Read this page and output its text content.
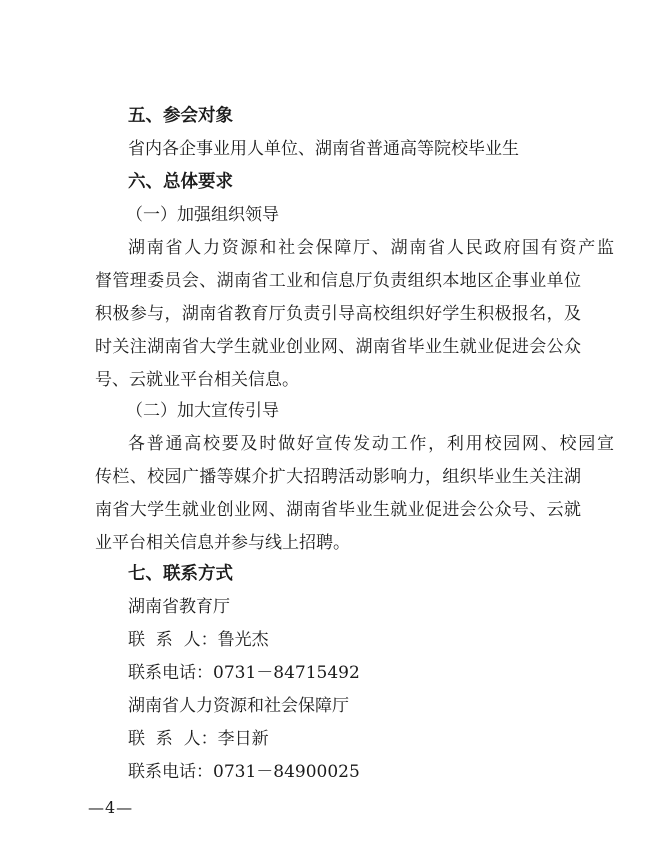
五、参会对象
省内各企事业用人单位、湖南省普通高等院校毕业生
六、总体要求
（一）加强组织领导
湖南省人力资源和社会保障厅、湖南省人民政府国有资产监
督管理委员会、湖南省工业和信息厅负责组织本地区企事业单位
积极参与，湖南省教育厅负责引导高校组织好学生积极报名，及
时关注湖南省大学生就业创业网、湖南省毕业生就业促进会公众
号、云就业平台相关信息。
（二）加大宣传引导
各普通高校要及时做好宣传发动工作，利用校园网、校园宣
传栏、校园广播等媒介扩大招聘活动影响力，组织毕业生关注湖
南省大学生就业创业网、湖南省毕业生就业促进会公众号、云就
业平台相关信息并参与线上招聘。
七、联系方式
湖南省教育厅
联  系  人：鲁光杰
联系电话：0731－84715492
湖南省人力资源和社会保障厅
联  系  人：李日新
联系电话：0731－84900025
—4—
